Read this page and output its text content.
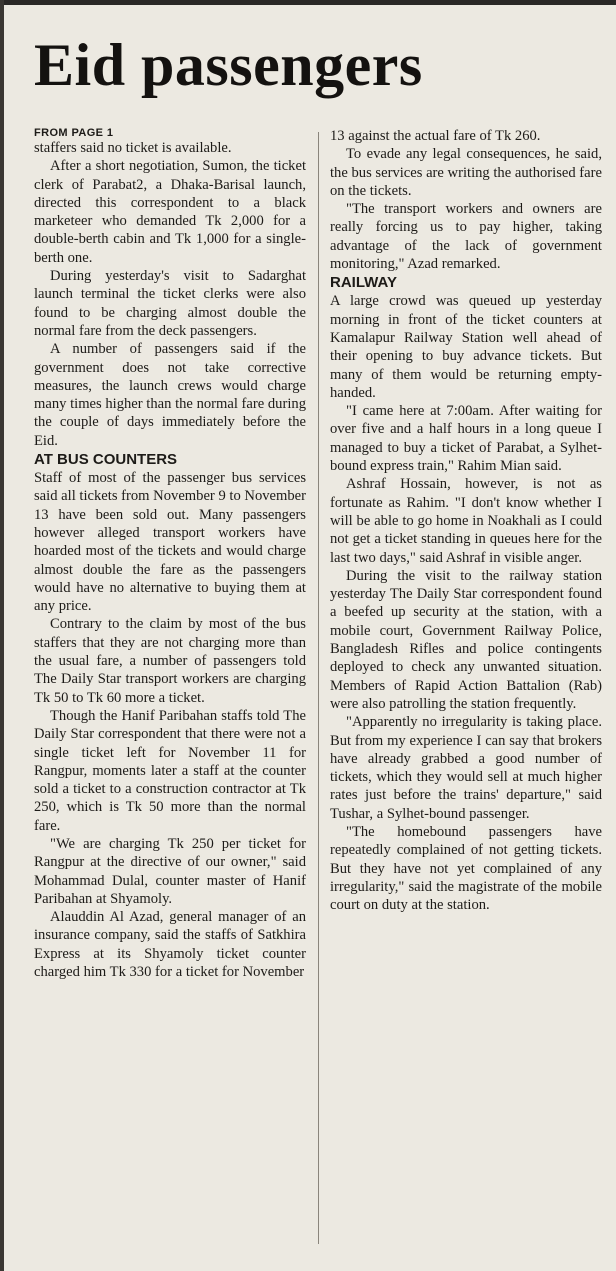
Eid passengers
FROM PAGE 1

staffers said no ticket is available.

After a short negotiation, Sumon, the ticket clerk of Parabat2, a Dhaka-Barisal launch, directed this correspondent to a black marketeer who demanded Tk 2,000 for a double-berth cabin and Tk 1,000 for a single-berth one.

During yesterday's visit to Sadarghat launch terminal the ticket clerks were also found to be charging almost double the normal fare from the deck passengers.

A number of passengers said if the government does not take corrective measures, the launch crews would charge many times higher than the normal fare during the couple of days immediately before the Eid.

AT BUS COUNTERS

Staff of most of the passenger bus services said all tickets from November 9 to November 13 have been sold out. Many passengers however alleged transport workers have hoarded most of the tickets and would charge almost double the fare as the passengers would have no alternative to buying them at any price.

Contrary to the claim by most of the bus staffers that they are not charging more than the usual fare, a number of passengers told The Daily Star transport workers are charging Tk 50 to Tk 60 more a ticket.

Though the Hanif Paribahan staffs told The Daily Star correspondent that there were not a single ticket left for November 11 for Rangpur, moments later a staff at the counter sold a ticket to a construction contractor at Tk 250, which is Tk 50 more than the normal fare.

"We are charging Tk 250 per ticket for Rangpur at the directive of our owner," said Mohammad Dulal, counter master of Hanif Paribahan at Shyamoly.

Alauddin Al Azad, general manager of an insurance company, said the staffs of Satkhira Express at its Shyamoly ticket counter charged him Tk 330 for a ticket for November

13 against the actual fare of Tk 260.

To evade any legal consequences, he said, the bus services are writing the authorised fare on the tickets.

"The transport workers and owners are really forcing us to pay higher, taking advantage of the lack of government monitoring," Azad remarked.

RAILWAY

A large crowd was queued up yesterday morning in front of the ticket counters at Kamalapur Railway Station well ahead of their opening to buy advance tickets. But many of them would be returning empty-handed.

"I came here at 7:00am. After waiting for over five and a half hours in a long queue I managed to buy a ticket of Parabat, a Sylhet-bound express train," Rahim Mian said.

Ashraf Hossain, however, is not as fortunate as Rahim. "I don't know whether I will be able to go home in Noakhali as I could not get a ticket standing in queues here for the last two days," said Ashraf in visible anger.

During the visit to the railway station yesterday The Daily Star correspondent found a beefed up security at the station, with a mobile court, Government Railway Police, Bangladesh Rifles and police contingents deployed to check any unwanted situation. Members of Rapid Action Battalion (Rab) were also patrolling the station frequently.

"Apparently no irregularity is taking place. But from my experience I can say that brokers have already grabbed a good number of tickets, which they would sell at much higher rates just before the trains' departure," said Tushar, a Sylhet-bound passenger.

"The homebound passengers have repeatedly complained of not getting tickets. But they have not yet complained of any irregularity," said the magistrate of the mobile court on duty at the station.
